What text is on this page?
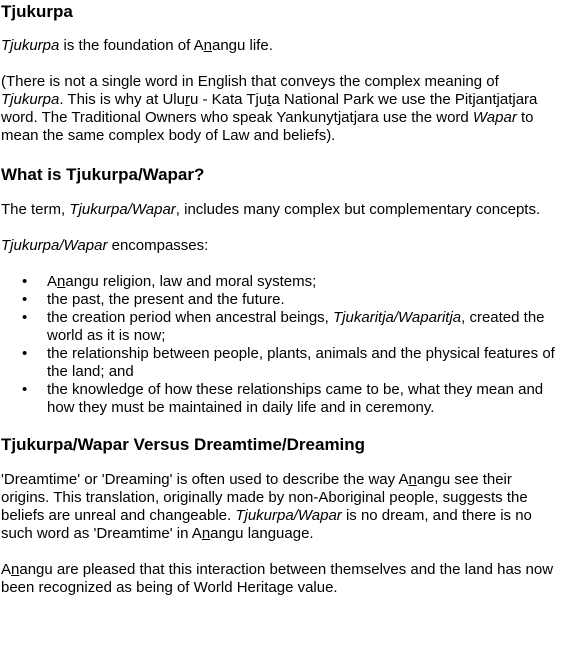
Tjukurpa

Tjukurpa is the foundation of Anangu life.

(There is not a single word in English that conveys the complex meaning of Tjukurpa. This is why at Uluru - Kata Tjuta National Park we use the Pitjantjatjara word. The Traditional Owners who speak Yankunytjatjara use the word Wapar to mean the same complex body of Law and beliefs).

What is Tjukurpa/Wapar?

The term, Tjukurpa/Wapar, includes many complex but complementary concepts.

Tjukurpa/Wapar encompasses:

• Anangu religion, law and moral systems;
• the past, the present and the future.
• the creation period when ancestral beings, Tjukaritja/Waparitja, created the world as it is now;
• the relationship between people, plants, animals and the physical features of the land; and
• the knowledge of how these relationships came to be, what they mean and how they must be maintained in daily life and in ceremony.
Tjukurpa/Wapar Versus Dreamtime/Dreaming

'Dreamtime' or 'Dreaming' is often used to describe the way Anangu see their origins. This translation, originally made by non-Aboriginal people, suggests the beliefs are unreal and changeable. Tjukurpa/Wapar is no dream, and there is no such word as 'Dreamtime' in Anangu language.

Anangu are pleased that this interaction between themselves and the land has now been recognized as being of World Heritage value.
